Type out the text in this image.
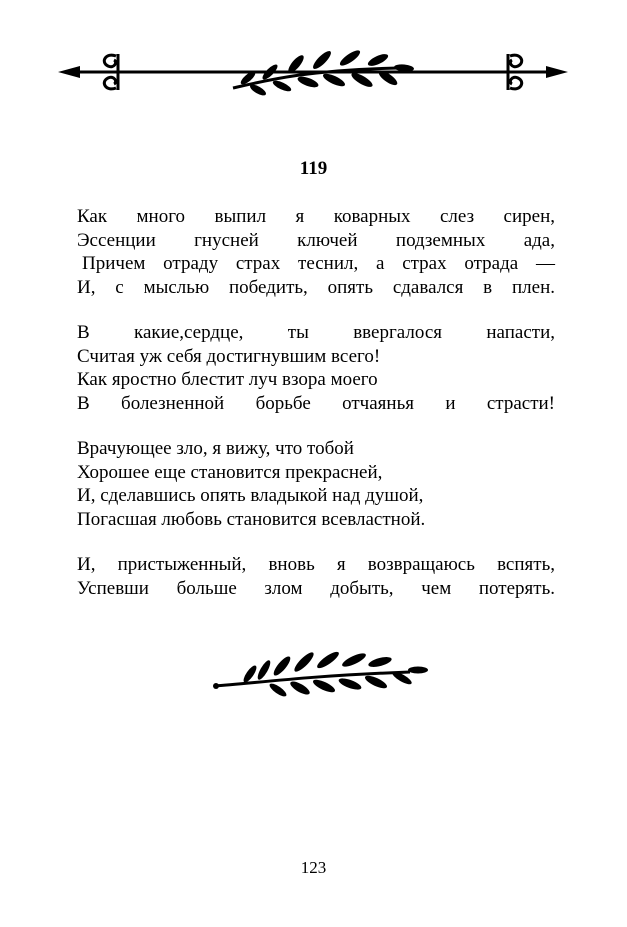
119
Как много выпил я коварных слез сирен,
Эссенции гнусней ключей подземных ада,
Причем отраду страх теснил, а страх отрада —
И, с мыслью победить, опять сдавался в плен.
В какие,сердце, ты ввергалося напасти,
Считая уж себя достигнувшим всего!
Как яростно блестит луч взора моего
В болезненной борьбе отчаянья и страсти!
Врачующее зло, я вижу, что тобой
Хорошее еще становится прекрасней,
И, сделавшись опять владыкой над душой,
Погасшая любовь становится всевластной.
И, пристыженный, вновь я возвращаюсь вспять,
Успевши больше злом добыть, чем потерять.
123
